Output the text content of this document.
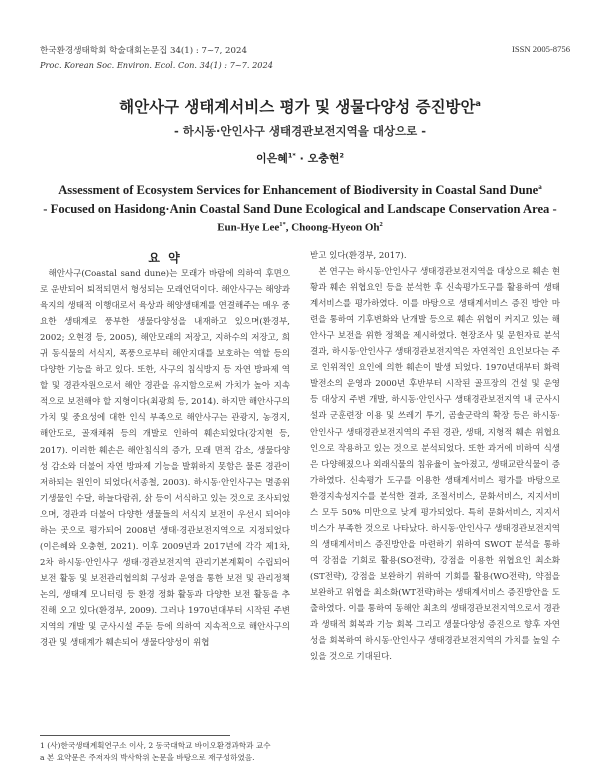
한국환경생태학회 학술대회논문집 34(1) : 7~7, 2024
Proc. Korean Soc. Environ. Ecol. Con. 34(1) : 7~7. 2024
ISSN 2005-8756
해안사구 생태계서비스 평가 및 생물다양성 증진방안$^a$
- 하시동·안인사구 생태경관보전지역을 대상으로 -
이은혜$^{1*}$ · 오충현$^2$
Assessment of Ecosystem Services for Enhancement of Biodiversity in Coastal Sand Dune$^a$
- Focused on Hasidong·Anin Coastal Sand Dune Ecological and Landscape Conservation Area -
Eun-Hye Lee$^{1*}$, Choong-Hyeon Oh$^2$
요 약

해안사구(Coastal sand dune)는 모래가 바람에 의하여 후면으로 운반되어 퇴적되면서 형성되는 모래언덕이다. 해안사구는 해양과 육지의 생태적 이행대로서 육상과 해양생태계를 연결해주는 매우 중요한 생태계로 풍부한 생물다양성을 내재하고 있으며(환경부, 2002; 오현경 등, 2005), 해안모래의 저장고, 지하수의 저장고, 희귀 동식물의 서식지, 폭풍으로부터 해안지대를 보호하는 역할 등의 다양한 기능을 하고 있다. 또한, 사구의 침식방지 등 자연 방파제 역할 및 경관자원으로서 해안 경관을 유지함으로써 가치가 높아 지속적으로 보전해야 할 지형이다(최광희 등, 2014). 하지만 해안사구의 가치 및 중요성에 대한 인식 부족으로 해안사구는 관광지, 농경지, 해안도로, 골재채취 등의 개발로 인하여 훼손되었다(강지현 등, 2017). 이러한 훼손은 해안침식의 증가, 모래 면적 감소, 생물다양성 감소와 더불어 자연 방파제 기능을 발휘하지 못함은 물론 경관이 저하되는 원인이 되었다(서종철, 2003). 하시동·안인사구는 멸종위기생물인 수달, 하늘다람쥐, 삵 등이 서식하고 있는 것으로 조사되었으며, 경관과 더불어 다양한 생물들의 서식지 보전이 우선시 되어야 하는 곳으로 평가되어 2008년 생태·경관보전지역으로 지정되었다(이은혜와 오충현, 2021). 이후 2009년과 2017년에 각각 제1차, 2차 하시동·안인사구 생태·경관보전지역 관리기본계획이 수립되어 보전 활동 및 보전관리협의회 구성과 운영을 통한 보전 및 관리정책 논의, 생태계 모니터링 등 환경 정화 활동과 다양한 보전 활동을 추진해 오고 있다(환경부, 2009). 그러나 1970년대부터 시작된 주변 지역의 개발 및 군사시설 주둔 등에 의하여 지속적으로 해안사구의 경관 및 생태계가 훼손되어 생물다양성이 위협

받고 있다(환경부, 2017).

본 연구는 하시동·안인사구 생태경관보전지역을 대상으로 훼손 현황과 훼손 위협요인 등을 분석한 후 신속평가도구를 활용하여 생태계서비스를 평가하였다. 이를 바탕으로 생태계서비스 증진 방안 마련을 통하여 기후변화와 난개발 등으로 훼손 위협이 커지고 있는 해안사구 보전을 위한 정책을 제시하였다. 현장조사 및 문헌자료 분석 결과, 하시동·안인사구 생태경관보전지역은 자연적인 요인보다는 주로 인위적인 요인에 의한 훼손이 발생 되었다. 1970년대부터 화력발전소의 운영과 2000년 후반부터 시작된 골프장의 건설 및 운영 등 대상지 주변 개발, 하시동·안인사구 생태경관보전지역 내 군사시설과 군훈련장 이용 및 쓰레기 투기, 곰솔군락의 확장 등은 하시동·안인사구 생태경관보전지역의 주된 경관, 생태, 지형적 훼손 위협요인으로 작용하고 있는 것으로 분석되었다. 또한 과거에 비하여 식생은 다양해졌으나 외래식물의 침유율이 높아졌고, 생태교란식물이 증가하였다. 신속평가 도구를 이용한 생태계서비스 평가를 바탕으로 환경지속성지수를 분석한 결과, 조절서비스, 문화서비스, 지지서비스 모두 50% 미만으로 낮게 평가되었다. 특히 문화서비스, 지지서비스가 부족한 것으로 나타났다. 하시동·안인사구 생태경관보전지역의 생태계서비스 증진방안을 마련하기 위하여 SWOT 분석을 통하여 강점을 기회로 활용(SO전략), 강점을 이용한 위협요인 최소화(ST전략), 강점을 보완하기 위하여 기회를 활용(WO전략), 약점을 보완하고 위협을 최소화(WT전략)하는 생태계서비스 증진방안을 도출하였다. 이를 통하여 동해안 최초의 생태경관보전지역으로서 경관과 생태적 회복과 기능 회복 그리고 생물다양성 증진으로 향후 자연성을 회복하여 하시동·안인사구 생태경관보전지역의 가치를 높일 수 있을 것으로 기대된다.

1 (사)한국생태계획연구소 이사, 2 동국대학교 바이오환경과학과 교수
a 본 요약문은 주저자의 박사학위 논문을 바탕으로 재구성하였음.
